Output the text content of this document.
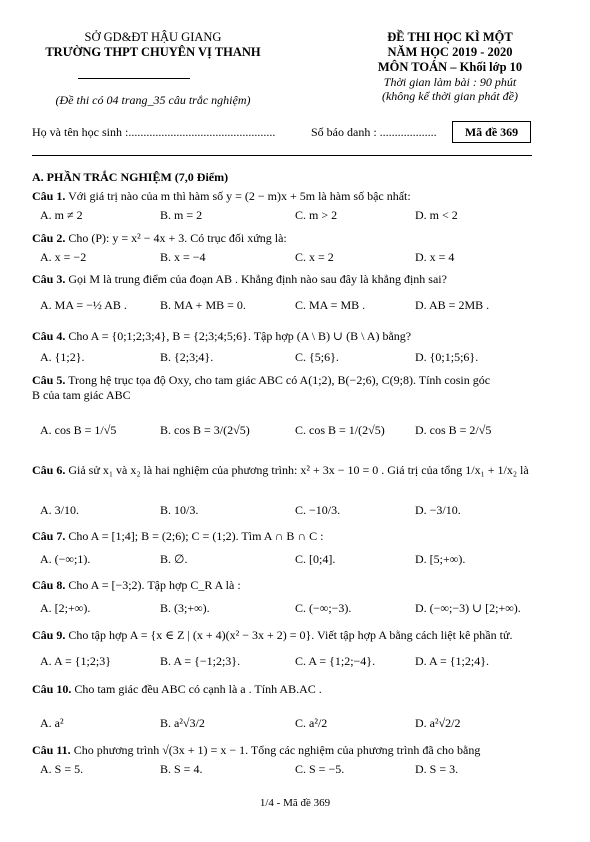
SỞ GD&ĐT HẬU GIANG
TRƯỜNG THPT CHUYÊN VỊ THANH
(Đề thi có 04 trang_35 câu trắc nghiệm)
ĐỀ THI HỌC KÌ MỘT
NĂM HỌC 2019 - 2020
MÔN TOÁN – Khối lớp 10
Thời gian làm bài : 90 phút
(không kể thời gian phát đề)
Họ và tên học sinh :.................................................	Số báo danh : ...................	Mã đề 369
A. PHẦN TRẮC NGHIỆM (7,0 Điểm)
Câu 1. Với giá trị nào của m thì hàm số y = (2 − m)x + 5m là hàm số bậc nhất:
A. m ≠ 2	B. m = 2	C. m > 2	D. m < 2
Câu 2. Cho (P): y = x² − 4x + 3. Có trục đối xứng là:
A. x = −2	B. x = −4	C. x = 2	D. x = 4
Câu 3. Gọi M là trung điểm của đoạn AB . Khẳng định nào sau đây là khẳng định sai?
A. MA = −½ AB .	B. MA + MB = 0.	C. MA = MB .	D. AB = 2MB .
Câu 4. Cho A = {0;1;2;3;4}, B = {2;3;4;5;6}. Tập hợp (A \ B) ∪ (B \ A) bằng?
A. {1;2}.	B. {2;3;4}.	C. {5;6}.	D. {0;1;5;6}.
Câu 5. Trong hệ trục tọa độ Oxy, cho tam giác ABC có A(1;2), B(−2;6), C(9;8). Tính cosin góc
B của tam giác ABC
A. cos B = 1/√5	B. cos B = 3/(2√5)	C. cos B = 1/(2√5)	D. cos B = 2/√5
Câu 6. Giả sử x₁ và x₂ là hai nghiệm của phương trình: x² + 3x − 10 = 0 . Giá trị của tổng 1/x₁ + 1/x₂ là
A. 3/10.	B. 10/3.	C. −10/3.	D. −3/10.
Câu 7. Cho A = [1;4]; B = (2;6); C = (1;2). Tìm A ∩ B ∩ C :
A. (−∞;1).	B. ∅.	C. [0;4].	D. [5;+∞).
Câu 8. Cho A = [−3;2). Tập hợp C_R A là :
A. [2;+∞).	B. (3;+∞).	C. (−∞;−3).	D. (−∞;−3) ∪ [2;+∞).
Câu 9. Cho tập hợp A = {x ∈ Z | (x + 4)(x² − 3x + 2) = 0}. Viết tập hợp A bằng cách liệt kê phần tử.
A. A = {1;2;3}	B. A = {−1;2;3}.	C. A = {1;2;−4}.	D. A = {1;2;4}.
Câu 10. Cho tam giác đều ABC có cạnh là a . Tính AB.AC .
A. a²	B. a²√3/2	C. a²/2	D. a²√2/2
Câu 11. Cho phương trình √(3x + 1) = x − 1. Tổng các nghiệm của phương trình đã cho bằng
A. S = 5.	B. S = 4.	C. S = −5.	D. S = 3.
1/4 - Mã đề 369
